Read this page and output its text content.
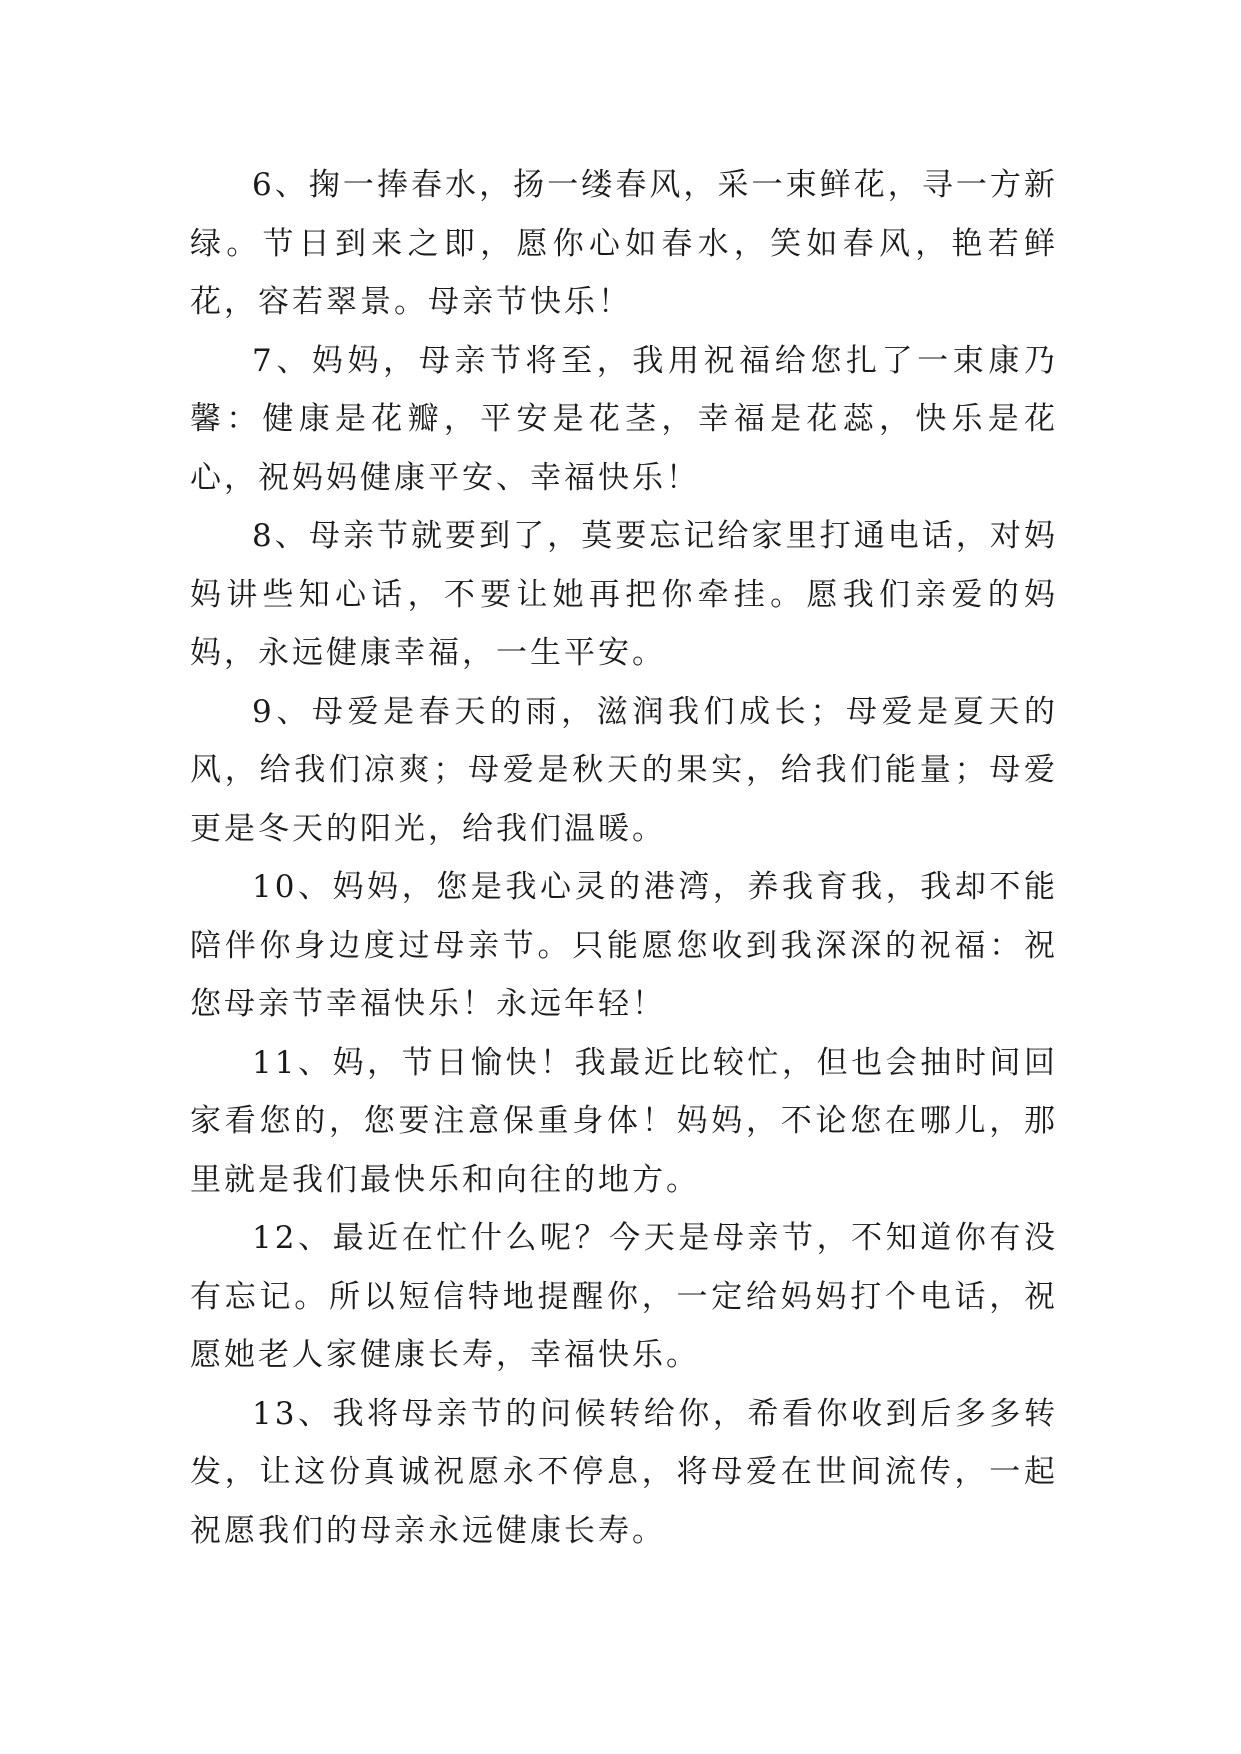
6、掬一捧春水，扬一缕春风，采一束鲜花，寻一方新绿。节日到来之即，愿你心如春水，笑如春风，艳若鲜花，容若翠景。母亲节快乐！

7、妈妈，母亲节将至，我用祝福给您扎了一束康乃馨：健康是花瓣，平安是花茎，幸福是花蕊，快乐是花心，祝妈妈健康平安、幸福快乐！

8、母亲节就要到了，莫要忘记给家里打通电话，对妈妈讲些知心话，不要让她再把你牵挂。愿我们亲爱的妈妈，永远健康幸福，一生平安。

9、母爱是春天的雨，滋润我们成长；母爱是夏天的风，给我们凉爽；母爱是秋天的果实，给我们能量；母爱更是冬天的阳光，给我们温暖。

10、妈妈，您是我心灵的港湾，养我育我，我却不能陪伴你身边度过母亲节。只能愿您收到我深深的祝福：祝您母亲节幸福快乐！永远年轻！

11、妈，节日愉快！我最近比较忙，但也会抽时间回家看您的，您要注意保重身体！妈妈，不论您在哪儿，那里就是我们最快乐和向往的地方。

12、最近在忙什么呢？今天是母亲节，不知道你有没有忘记。所以短信特地提醒你，一定给妈妈打个电话，祝愿她老人家健康长寿，幸福快乐。

13、我将母亲节的问候转给你，希看你收到后多多转发，让这份真诚祝愿永不停息，将母爱在世间流传，一起祝愿我们的母亲永远健康长寿。
